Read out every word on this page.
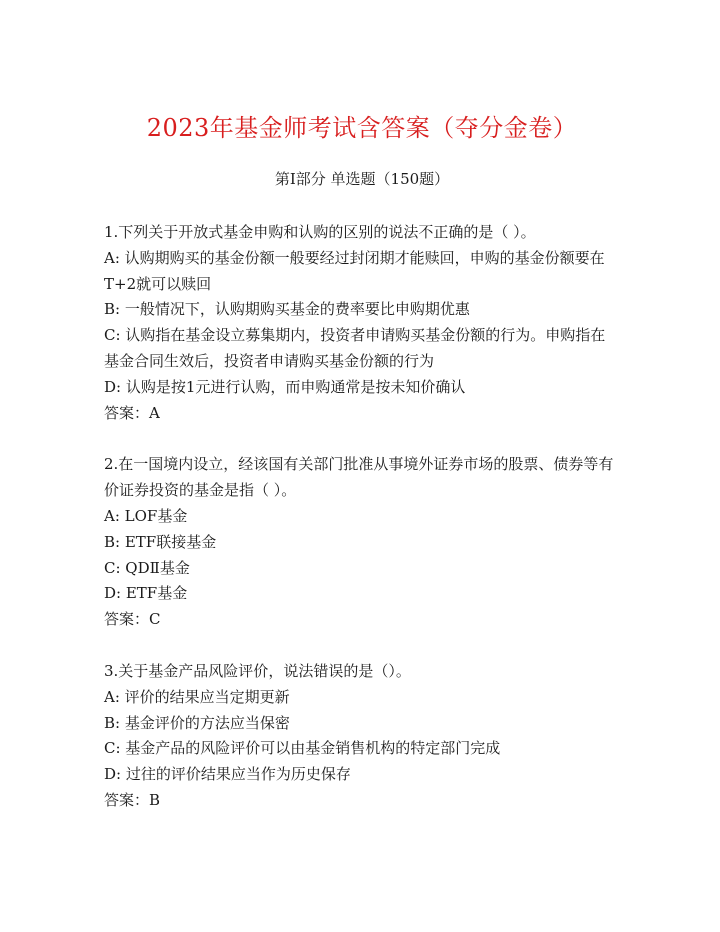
2023年基金师考试含答案（夺分金卷）
第I部分 单选题（150题）

1.下列关于开放式基金申购和认购的区别的说法不正确的是（ ）。

A: 认购期购买的基金份额一般要经过封闭期才能赎回，申购的基金份额要在T+2就可以赎回

B: 一般情况下，认购期购买基金的费率要比申购期优惠

C: 认购指在基金设立募集期内，投资者申请购买基金份额的行为。申购指在基金合同生效后，投资者申请购买基金份额的行为

D: 认购是按1元进行认购，而申购通常是按未知价确认

答案：A

2.在一国境内设立，经该国有关部门批准从事境外证券市场的股票、债券等有价证券投资的基金是指（ ）。

A: LOF基金

B: ETF联接基金

C: QDⅡ基金

D: ETF基金

答案：C

3.关于基金产品风险评价，说法错误的是（）。

A: 评价的结果应当定期更新

B: 基金评价的方法应当保密

C: 基金产品的风险评价可以由基金销售机构的特定部门完成

D: 过往的评价结果应当作为历史保存

答案：B
